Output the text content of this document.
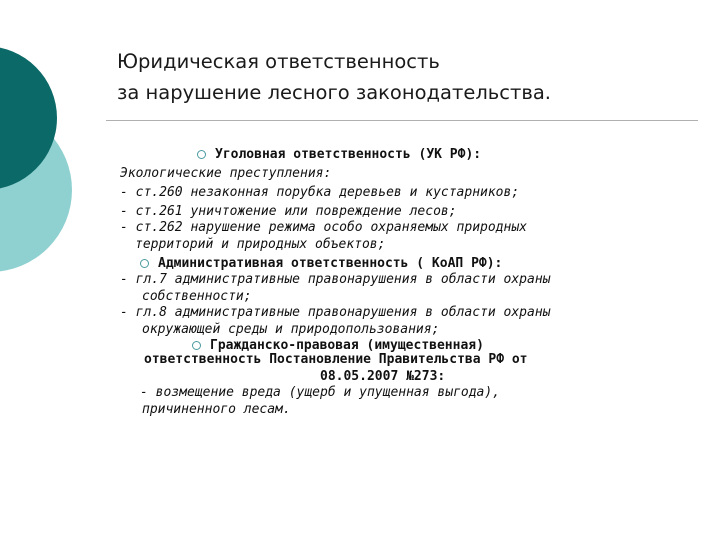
Юридическая ответственность
за нарушение лесного законодательства.
Уголовная ответственность (УК РФ):
Экологические преступления:
- ст.260 незаконная порубка деревьев и кустарников;
- ст.261 уничтожение или повреждение лесов;
- ст.262 нарушение режима особо охраняемых природных
территорий и природных объектов;
Административная ответственность ( КоАП РФ):
- гл.7 административные правонарушения в области охраны
собственности;
- гл.8 административные правонарушения в области охраны
окружающей среды и природопользования;
Гражданско-правовая (имущественная)
ответственность Постановление Правительства РФ от
08.05.2007 №273:
- возмещение вреда (ущерб и упущенная выгода),
причиненного лесам.
